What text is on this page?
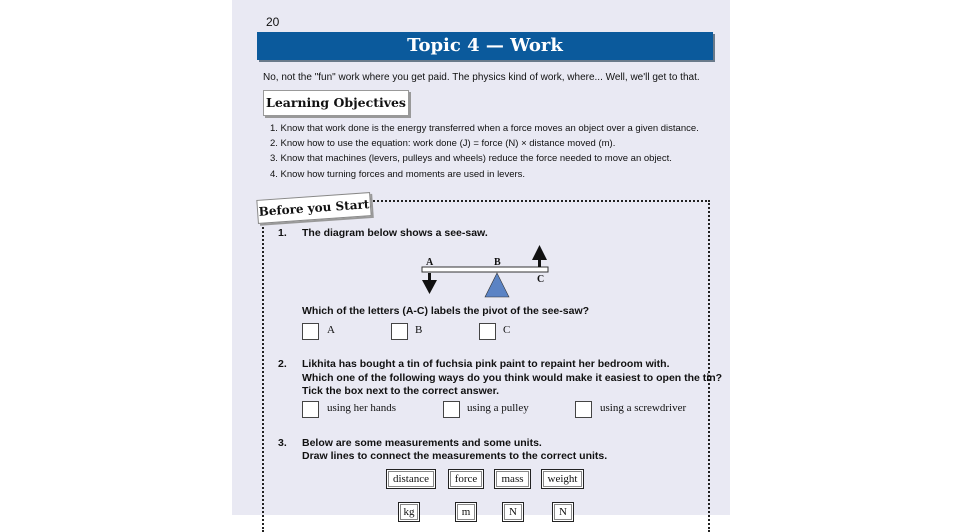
20
Topic 4 — Work
No, not the "fun" work where you get paid. The physics kind of work, where... Well, we'll get to that.
Learning Objectives
1. Know that work done is the energy transferred when a force moves an object over a given distance.
2. Know how to use the equation: work done (J) = force (N) × distance moved (m).
3. Know that machines (levers, pulleys and wheels) reduce the force needed to move an object.
4. Know how turning forces and moments are used in levers.
Before you Start
1. The diagram below shows a see-saw.
A	B
C
Which of the letters (A-C) labels the pivot of the see-saw?
A	B	C
2. Likhita has bought a tin of fuchsia pink paint to repaint her bedroom with.
Which one of the following ways do you think would make it easiest to open the tin?
Tick the box next to the correct answer.
using her hands	using a pulley	using a screwdriver
3. Below are some measurements and some units.
Draw lines to connect the measurements to the correct units.
distance	force	mass	weight
kg	m	N	N
